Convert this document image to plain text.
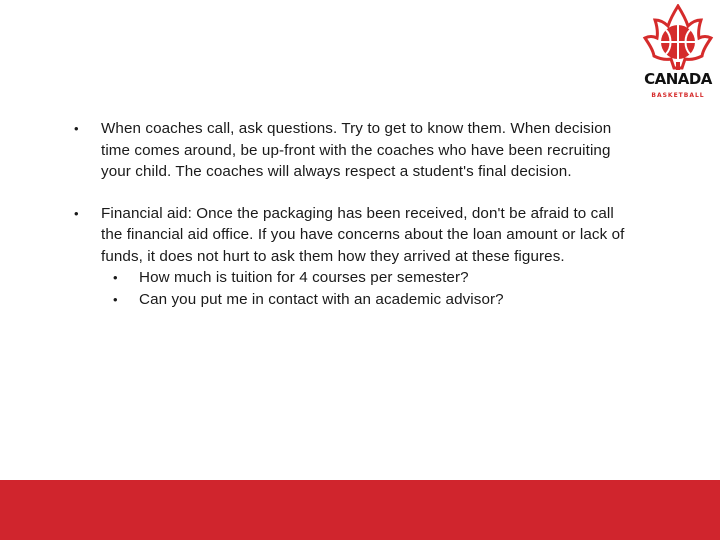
CANADA
BASKETBALL
•	When coaches call, ask questions. Try to get to know them. When decision time comes around, be up-front with the coaches who have been recruiting your child. The coaches will always respect a student's final decision.
•	Financial aid: Once the packaging has been received, don't be afraid to call the financial aid office. If you have concerns about the loan amount or lack of funds, it does not hurt to ask them how they arrived at these figures.
•	How much is tuition for 4 courses per semester?
•	Can you put me in contact with an academic advisor?
